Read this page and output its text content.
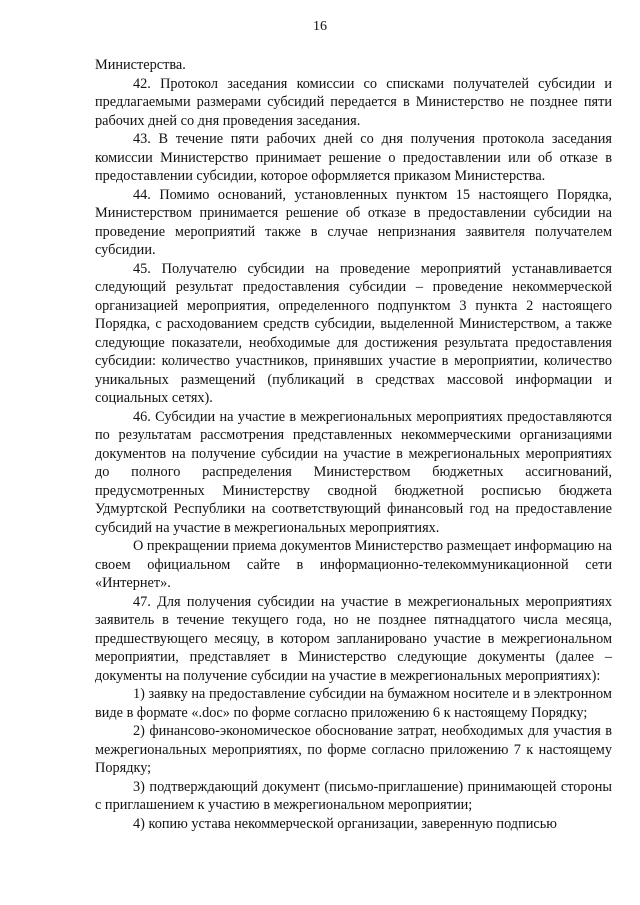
16

Министерства.

42. Протокол заседания комиссии со списками получателей субсидии и предлагаемыми размерами субсидий передается в Министерство не позднее пяти рабочих дней со дня проведения заседания.

43. В течение пяти рабочих дней со дня получения протокола заседания комиссии Министерство принимает решение о предоставлении или об отказе в предоставлении субсидии, которое оформляется приказом Министерства.

44. Помимо оснований, установленных пунктом 15 настоящего Порядка, Министерством принимается решение об отказе в предоставлении субсидии на проведение мероприятий также в случае непризнания заявителя получателем субсидии.

45. Получателю субсидии на проведение мероприятий устанавливается следующий результат предоставления субсидии – проведение некоммерческой организацией мероприятия, определенного подпунктом 3 пункта 2 настоящего Порядка, с расходованием средств субсидии, выделенной Министерством, а также следующие показатели, необходимые для достижения результата предоставления субсидии: количество участников, принявших участие в мероприятии, количество уникальных размещений (публикаций в средствах массовой информации и социальных сетях).

46. Субсидии на участие в межрегиональных мероприятиях предоставляются по результатам рассмотрения представленных некоммерческими организациями документов на получение субсидии на участие в межрегиональных мероприятиях до полного распределения Министерством бюджетных ассигнований, предусмотренных Министерству сводной бюджетной росписью бюджета Удмуртской Республики на соответствующий финансовый год на предоставление субсидий на участие в межрегиональных мероприятиях.

О прекращении приема документов Министерство размещает информацию на своем официальном сайте в информационно-телекоммуникационной сети «Интернет».

47. Для получения субсидии на участие в межрегиональных мероприятиях заявитель в течение текущего года, но не позднее пятнадцатого числа месяца, предшествующего месяцу, в котором запланировано участие в межрегиональном мероприятии, представляет в Министерство следующие документы (далее – документы на получение субсидии на участие в межрегиональных мероприятиях):

1) заявку на предоставление субсидии на бумажном носителе и в электронном виде в формате «.doc» по форме согласно приложению 6 к настоящему Порядку;

2) финансово-экономическое обоснование затрат, необходимых для участия в межрегиональных мероприятиях, по форме согласно приложению 7 к настоящему Порядку;

3) подтверждающий документ (письмо-приглашение) принимающей стороны с приглашением к участию в межрегиональном мероприятии;

4) копию устава некоммерческой организации, заверенную подписью
